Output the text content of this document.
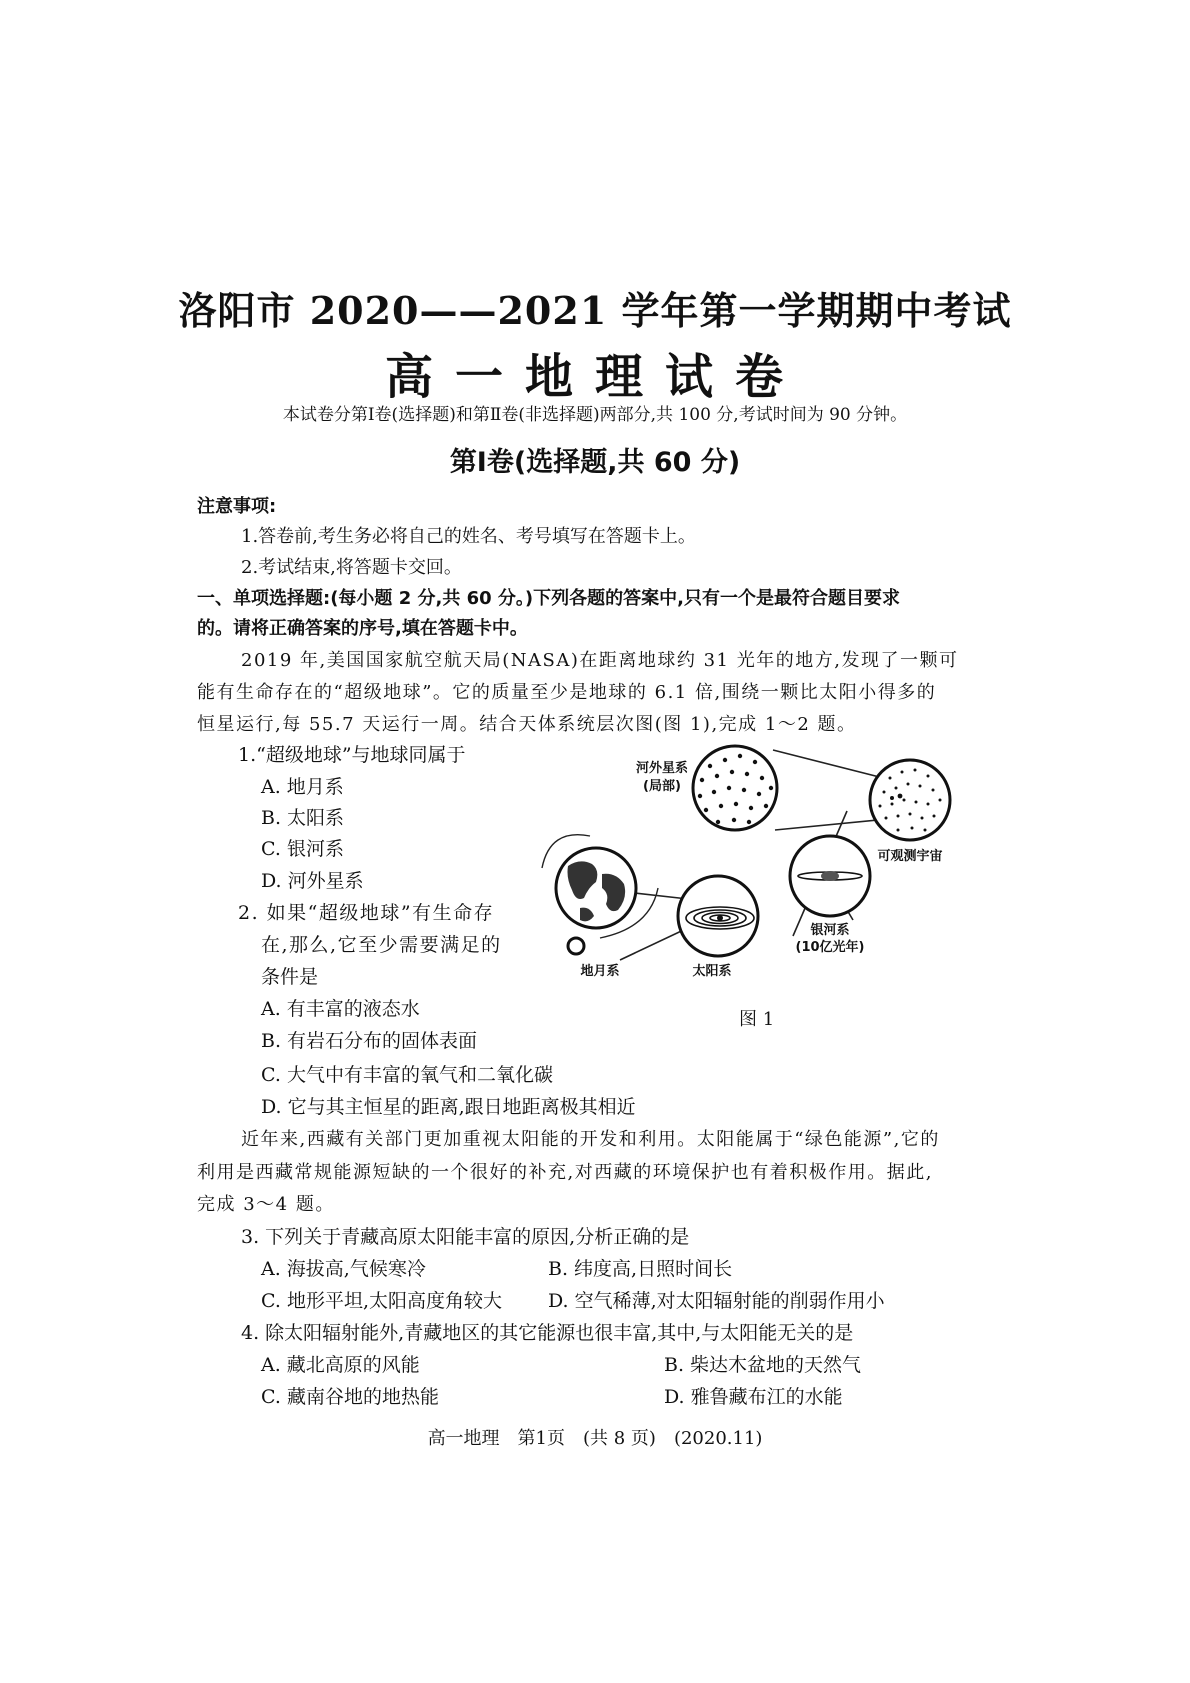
洛阳市 2020——2021 学年第一学期期中考试
高一地理试卷
本试卷分第Ⅰ卷(选择题)和第Ⅱ卷(非选择题)两部分,共 100 分,考试时间为 90 分钟。
第Ⅰ卷(选择题,共 60 分)
注意事项:
1.答卷前,考生务必将自己的姓名、考号填写在答题卡上。
2.考试结束,将答题卡交回。
一、单项选择题:(每小题 2 分,共 60 分。)下列各题的答案中,只有一个是最符合题目要求
的。请将正确答案的序号,填在答题卡中。
2019 年,美国国家航空航天局(NASA)在距离地球约 31 光年的地方,发现了一颗可
能有生命存在的“超级地球”。它的质量至少是地球的 6.1 倍,围绕一颗比太阳小得多的
恒星运行,每 55.7 天运行一周。结合天体系统层次图(图 1),完成 1～2 题。
1.“超级地球”与地球同属于
A. 地月系
B. 太阳系
C. 银河系
D. 河外星系
2. 如果“超级地球”有生命存
在,那么,它至少需要满足的
条件是
A. 有丰富的液态水
B. 有岩石分布的固体表面
C. 大气中有丰富的氧气和二氧化碳
D. 它与其主恒星的距离,跟日地距离极其相近
河外星系
(局部)
可观测宇宙
银河系
(10亿光年)
地月系	太阳系
图 1
近年来,西藏有关部门更加重视太阳能的开发和利用。太阳能属于“绿色能源”,它的
利用是西藏常规能源短缺的一个很好的补充,对西藏的环境保护也有着积极作用。据此,
完成 3～4 题。
3. 下列关于青藏高原太阳能丰富的原因,分析正确的是
A. 海拔高,气候寒冷	B. 纬度高,日照时间长
C. 地形平坦,太阳高度角较大 D. 空气稀薄,对太阳辐射能的削弱作用小
4. 除太阳辐射能外,青藏地区的其它能源也很丰富,其中,与太阳能无关的是
A. 藏北高原的风能	B. 柴达木盆地的天然气
C. 藏南谷地的地热能	D. 雅鲁藏布江的水能
高一地理　第1页　(共 8 页)　(2020.11)
